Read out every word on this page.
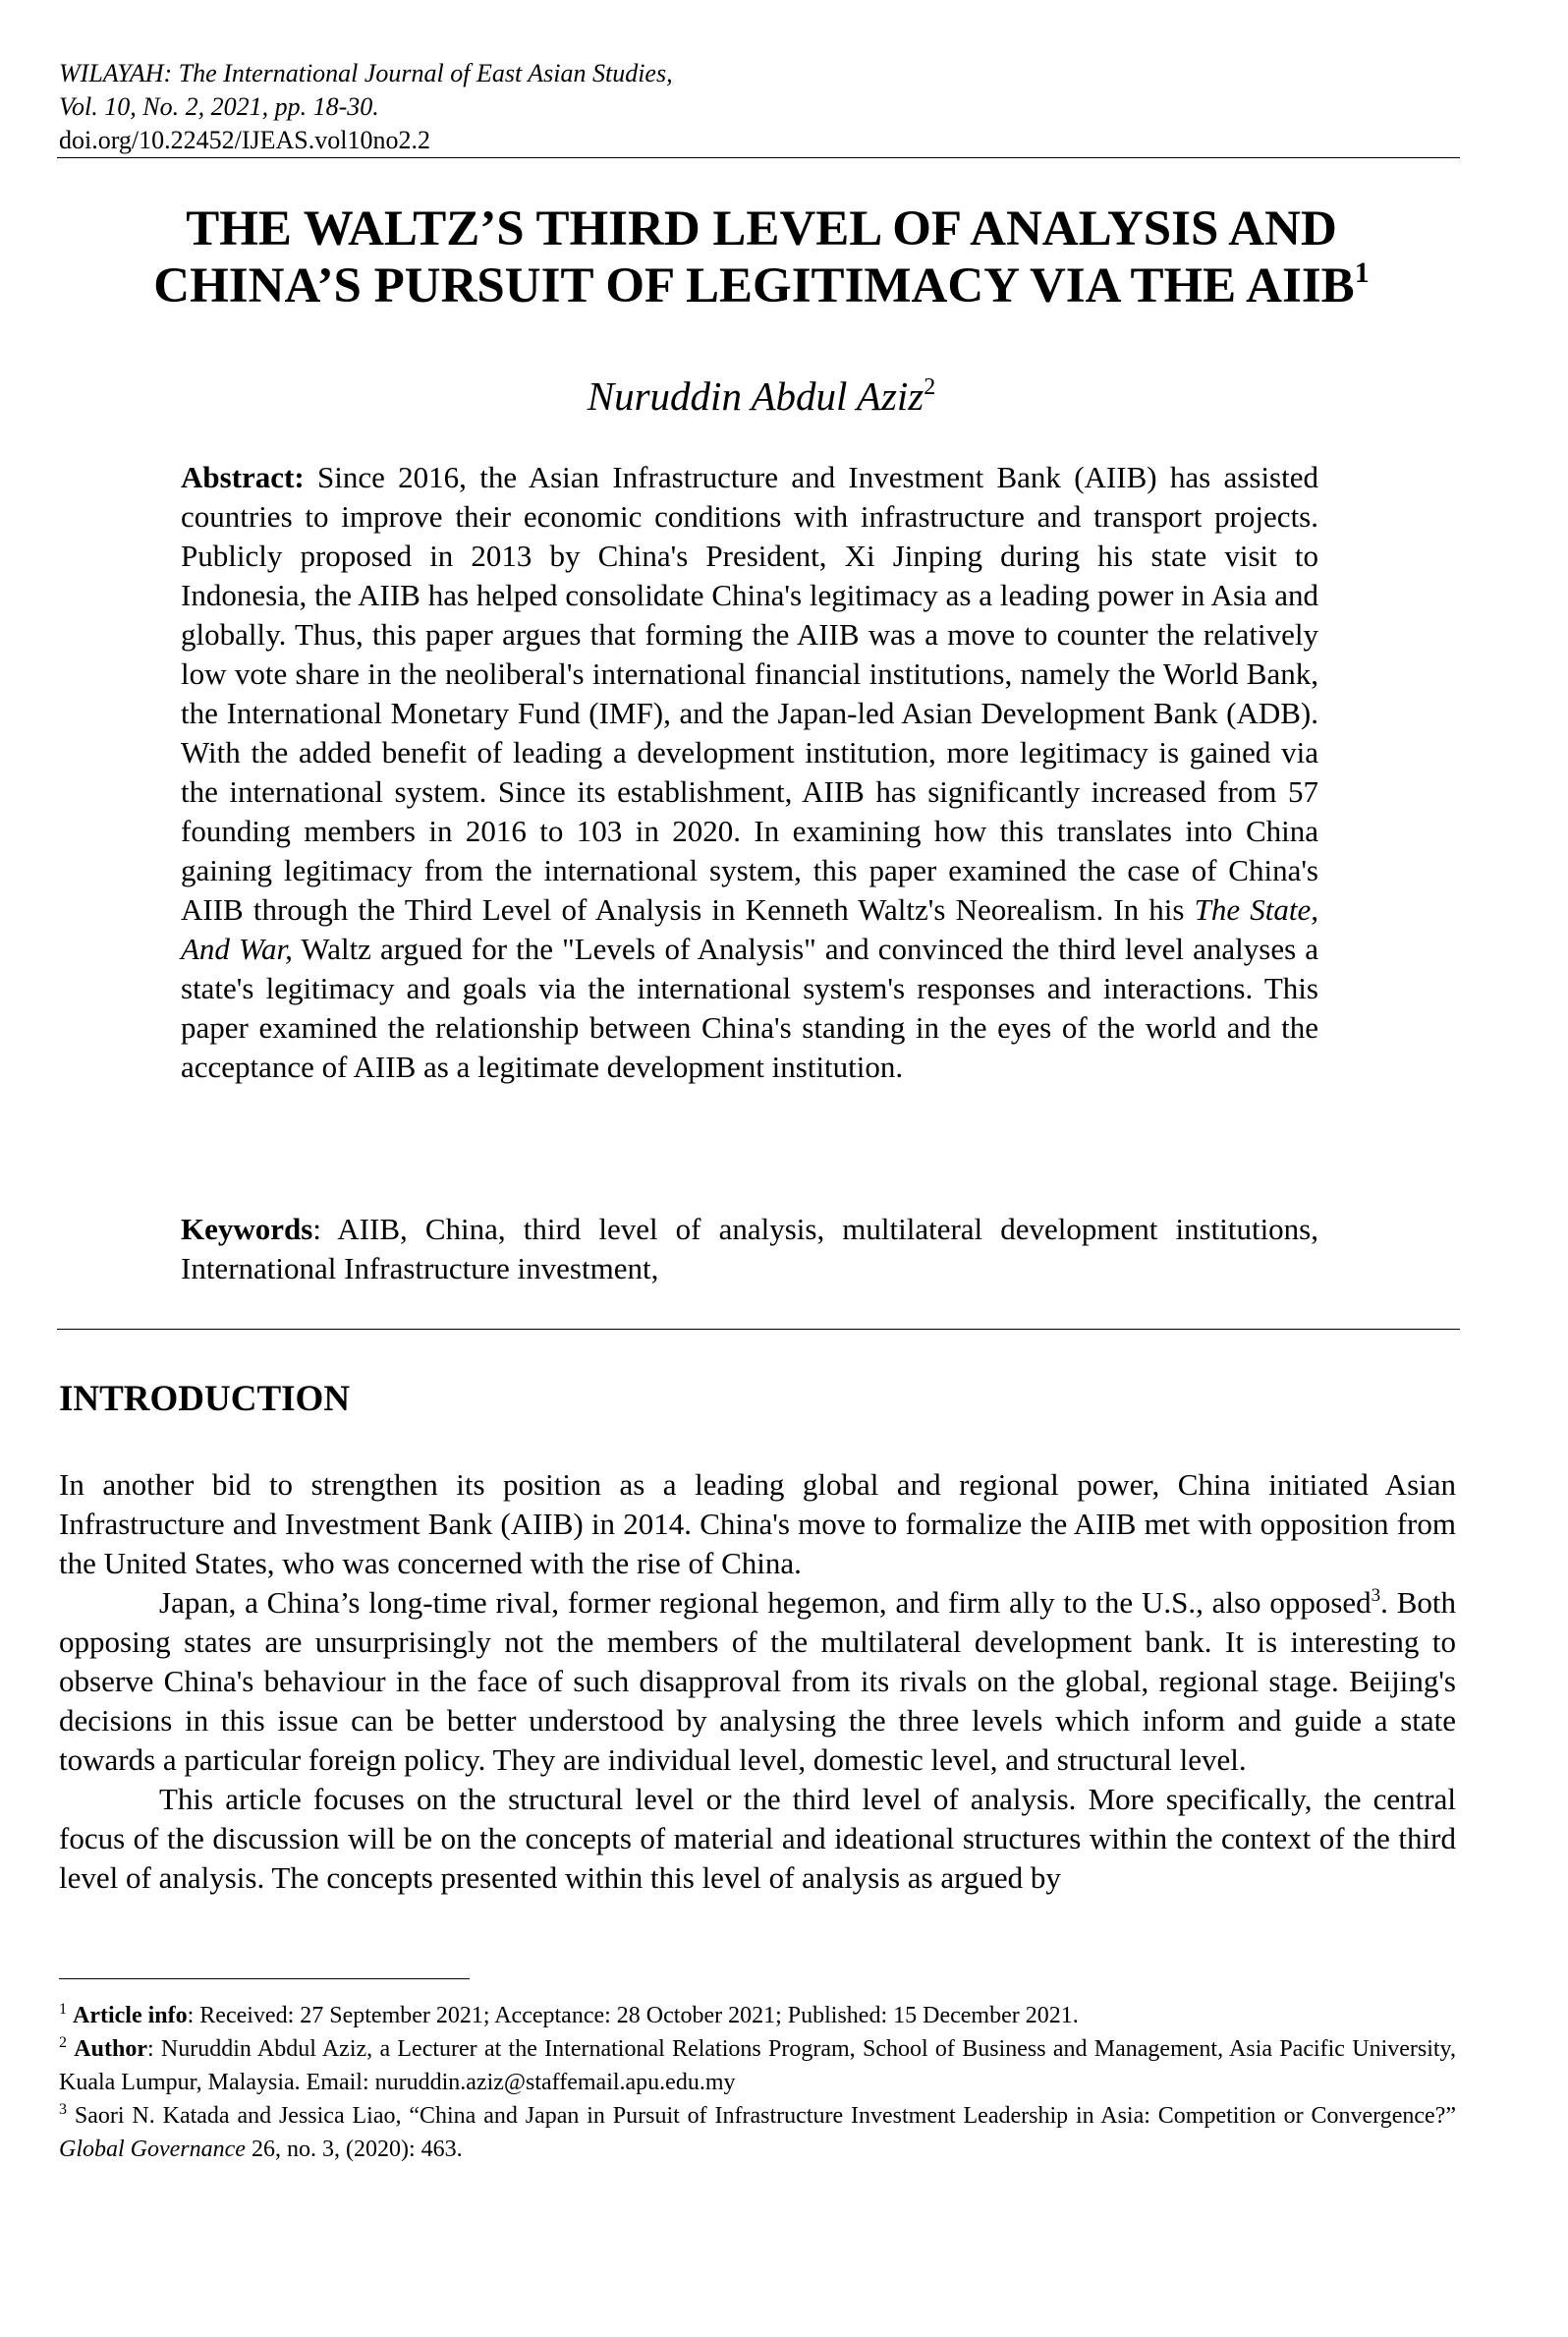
WILAYAH: The International Journal of East Asian Studies,
Vol. 10, No. 2, 2021, pp. 18-30.
doi.org/10.22452/IJEAS.vol10no2.2
THE WALTZ’S THIRD LEVEL OF ANALYSIS AND
CHINA’S PURSUIT OF LEGITIMACY VIA THE AIIB$^1$
Nuruddin Abdul Aziz$^2$

Abstract: Since 2016, the Asian Infrastructure and Investment Bank (AIIB) has assisted countries to improve their economic conditions with infrastructure and transport projects. Publicly proposed in 2013 by China's President, Xi Jinping during his state visit to Indonesia, the AIIB has helped consolidate China's legitimacy as a leading power in Asia and globally. Thus, this paper argues that forming the AIIB was a move to counter the relatively low vote share in the neoliberal's international financial institutions, namely the World Bank, the International Monetary Fund (IMF), and the Japan-led Asian Development Bank (ADB). With the added benefit of leading a development institution, more legitimacy is gained via the international system. Since its establishment, AIIB has significantly increased from 57 founding members in 2016 to 103 in 2020. In examining how this translates into China gaining legitimacy from the international system, this paper examined the case of China's AIIB through the Third Level of Analysis in Kenneth Waltz's Neorealism. In his The State, And War, Waltz argued for the "Levels of Analysis" and convinced the third level analyses a state's legitimacy and goals via the international system's responses and interactions. This paper examined the relationship between China's standing in the eyes of the world and the acceptance of AIIB as a legitimate development institution.

Keywords: AIIB, China, third level of analysis, multilateral development institutions, International Infrastructure investment,

INTRODUCTION

In another bid to strengthen its position as a leading global and regional power, China initiated Asian Infrastructure and Investment Bank (AIIB) in 2014. China's move to formalize the AIIB met with opposition from the United States, who was concerned with the rise of China.

Japan, a China’s long-time rival, former regional hegemon, and firm ally to the U.S., also opposed$^3$. Both opposing states are unsurprisingly not the members of the multilateral development bank. It is interesting to observe China's behaviour in the face of such disapproval from its rivals on the global, regional stage. Beijing's decisions in this issue can be better understood by analysing the three levels which inform and guide a state towards a particular foreign policy. They are individual level, domestic level, and structural level.

This article focuses on the structural level or the third level of analysis. More specifically, the central focus of the discussion will be on the concepts of material and ideational structures within the context of the third level of analysis. The concepts presented within this level of analysis as argued by

$^1$ Article info: Received: 27 September 2021; Acceptance: 28 October 2021; Published: 15 December 2021.

$^2$ Author: Nuruddin Abdul Aziz, a Lecturer at the International Relations Program, School of Business and Management, Asia Pacific University, Kuala Lumpur, Malaysia. Email: nuruddin.aziz@staffemail.apu.edu.my

$^3$ Saori N. Katada and Jessica Liao, “China and Japan in Pursuit of Infrastructure Investment Leadership in Asia: Competition or Convergence?” Global Governance 26, no. 3, (2020): 463.
